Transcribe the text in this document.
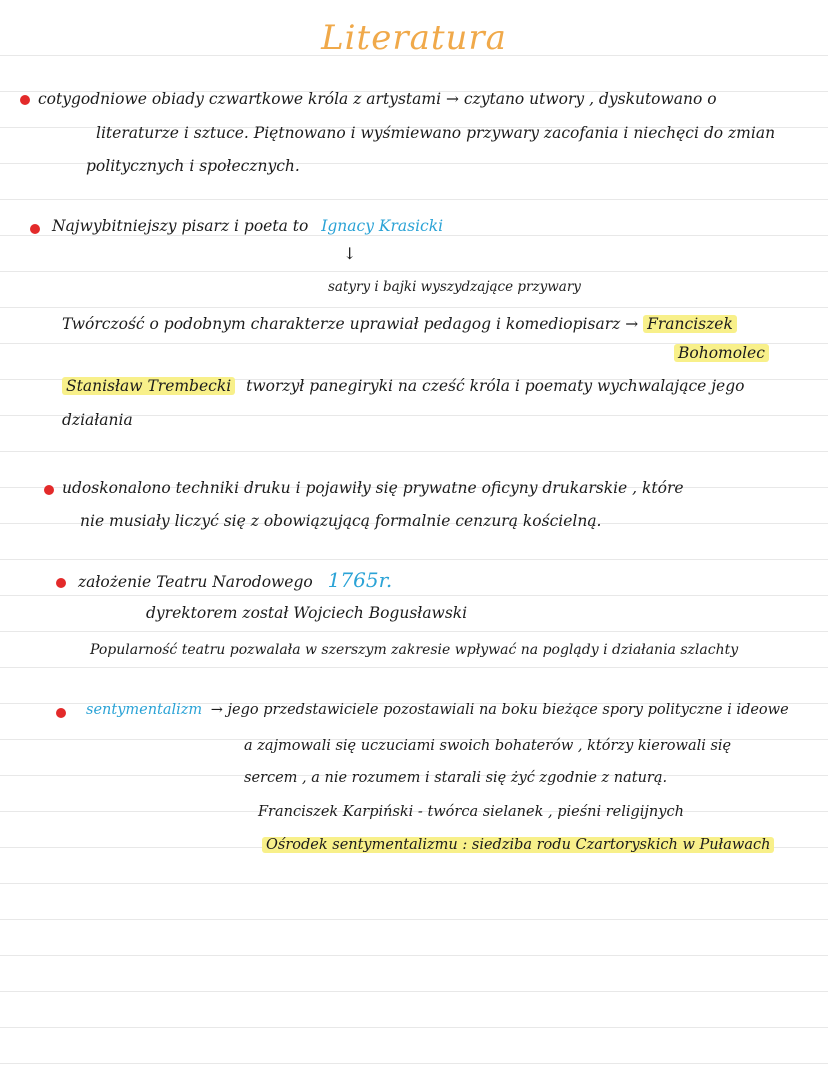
Literatura
cotygodniowe obiady czwartkowe króla z artystami → czytano utwory , dyskutowano o
literaturze i sztuce. Piętnowano i wyśmiewano przywary zacofania i niechęci do zmian
politycznych i społecznych.
Najwybitniejszy pisarz i poeta to Ignacy Krasicki
↓
satyry i bajki wyszydzające przywary
Twórczość o podobnym charakterze uprawiał pedagog i komediopisarz → Franciszek
Bohomolec
Stanisław Trembecki tworzył panegiryki na cześć króla i poematy wychwalające jego
działania
udoskonalono techniki druku i pojawiły się prywatne oficyny drukarskie , które
nie musiały liczyć się z obowiązującą formalnie cenzurą kościelną.
założenie Teatru Narodowego 1765r.
dyrektorem został Wojciech Bogusławski
Popularność teatru pozwalała w szerszym zakresie wpływać na poglądy i działania szlachty
sentymentalizm → jego przedstawiciele pozostawiali na boku bieżące spory polityczne i ideowe
a zajmowali się uczuciami swoich bohaterów , którzy kierowali się
sercem , a nie rozumem i starali się żyć zgodnie z naturą.
Franciszek Karpiński - twórca sielanek , pieśni religijnych
Ośrodek sentymentalizmu : siedziba rodu Czartoryskich w Puławach
